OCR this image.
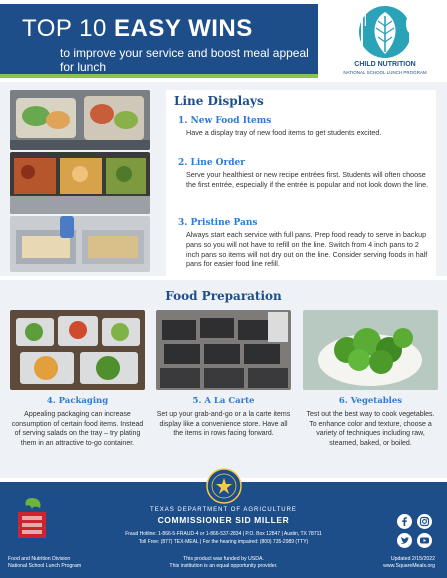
TOP 10 EASY WINS
to improve your service and boost meal appeal for lunch	CHILD NUTRITION
NATIONAL SCHOOL LUNCH PROGRAM
Line Displays
1. New Food Items
Have a display tray of new food items to get students excited.
2. Line Order
Serve your healthiest or new recipe entrées first. Students will often choose the first entrée, especially if the entrée is popular and not look down the line.
3. Pristine Pans
Always start each service with full pans. Prep food ready to serve in backup pans so you will not have to refill on the line. Switch from 4 inch pans to 2 inch pans so items will not dry out on the line. Consider serving foods in half pans for easier food line refill.
Food Preparation
4. Packaging
Appealing packaging can increase consumption of certain food items. Instead of serving salads on the tray – try plating them in an attractive to-go container.
5. A La Carte
Set up your grab-and-go or a la carte items display like a convenience store. Have all the items in rows facing forward.
6. Vegetables
Test out the best way to cook vegetables. To enhance color and texture, choose a variety of techniques including raw, steamed, baked, or boiled.
TEXAS DEPARTMENT OF AGRICULTURE
COMMISSIONER SID MILLER
Fraud Hotline: 1-866-5-FRAUD-4 or 1-866-537-2834 | P.O. Box 12847 | Austin, TX 78711
Toll Free: (877) TEX-MEAL | For the hearing impaired: (800) 735-2989 (TTY)
Food and Nutrition Division
National School Lunch Program
This product was funded by USDA.
This institution is an equal opportunity provider.
Updated 2/15/2022
www.SquareMeals.org
